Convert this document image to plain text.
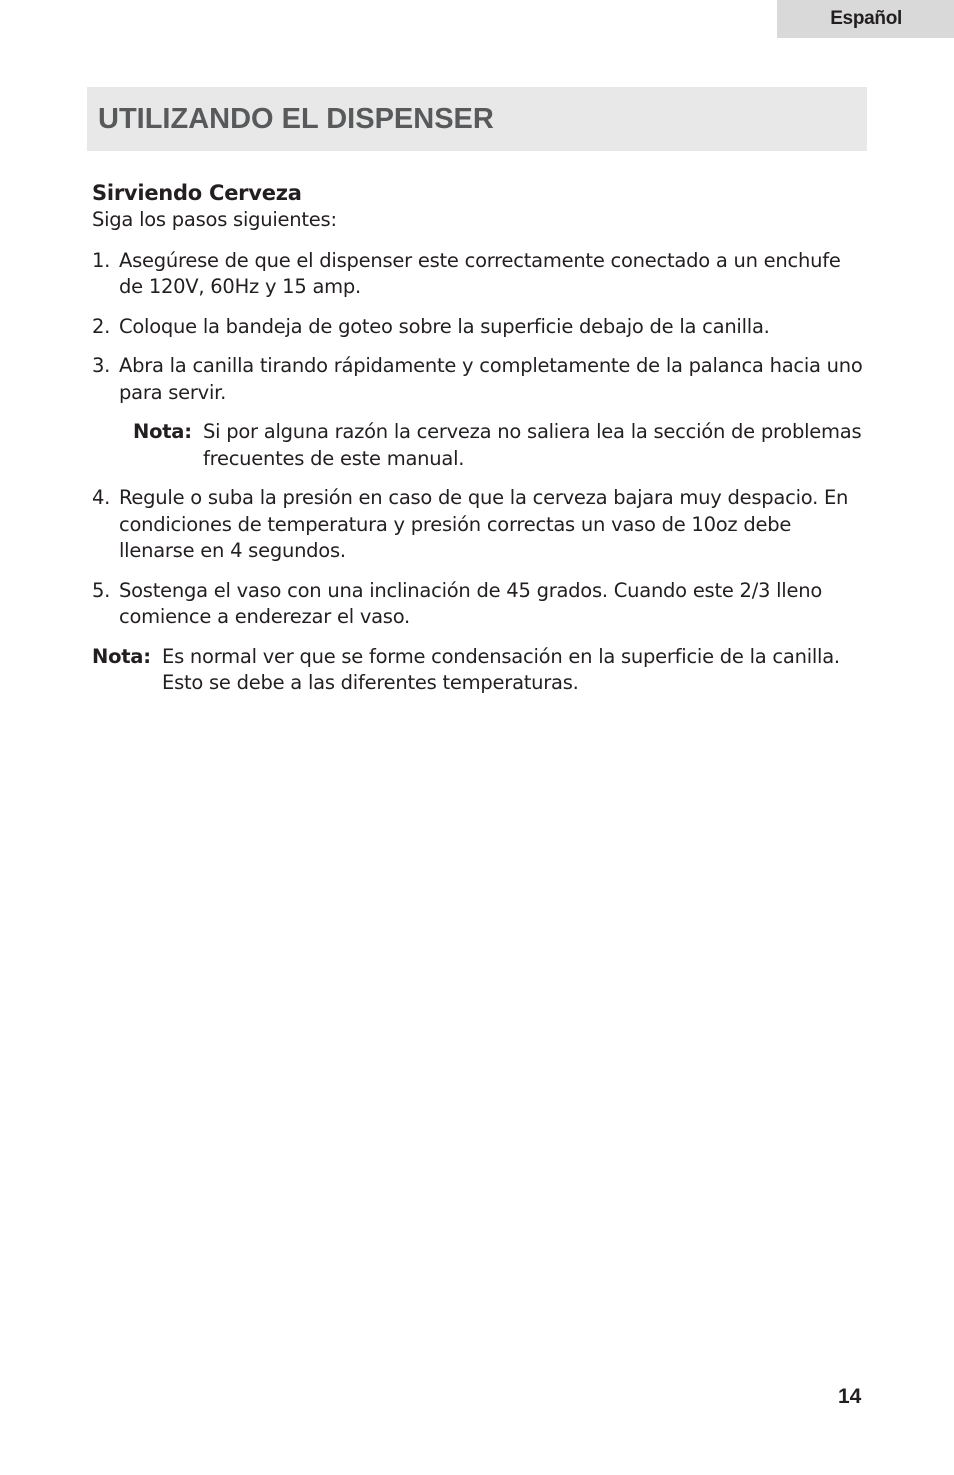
Español
UTILIZANDO EL DISPENSER

Sirviendo Cerveza

Siga los pasos siguientes:

1. Asegúrese de que el dispenser este correctamente conectado a un enchufe de 120V, 60Hz y 15 amp.
2. Coloque la bandeja de goteo sobre la superficie debajo de la canilla.
3. Abra la canilla tirando rápidamente y completamente de la palanca hacia uno para servir.
Nota: Si por alguna razón la cerveza no saliera lea la sección de problemas frecuentes de este manual.
4. Regule o suba la presión en caso de que la cerveza bajara muy despacio. En condiciones de temperatura y presión correctas un vaso de 10oz debe llenarse en 4 segundos.
5. Sostenga el vaso con una inclinación de 45 grados. Cuando este 2/3 lleno comience a enderezar el vaso.
Nota: Es normal ver que se forme condensación en la superficie de la canilla. Esto se debe a las diferentes temperaturas.
14
